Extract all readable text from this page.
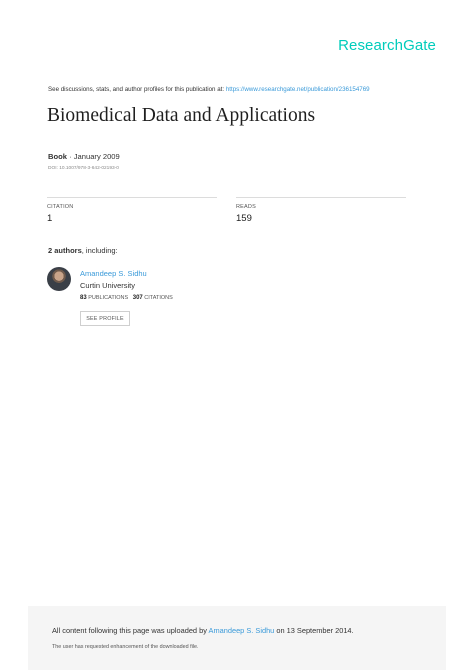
ResearchGate
See discussions, stats, and author profiles for this publication at: https://www.researchgate.net/publication/236154769
Biomedical Data and Applications
Book · January 2009
DOI: 10.1007/978-3-642-02193-0
CITATION
1
READS
159
2 authors, including:
Amandeep S. Sidhu
Curtin University
83 PUBLICATIONS 307 CITATIONS
SEE PROFILE
All content following this page was uploaded by Amandeep S. Sidhu on 13 September 2014.
The user has requested enhancement of the downloaded file.
